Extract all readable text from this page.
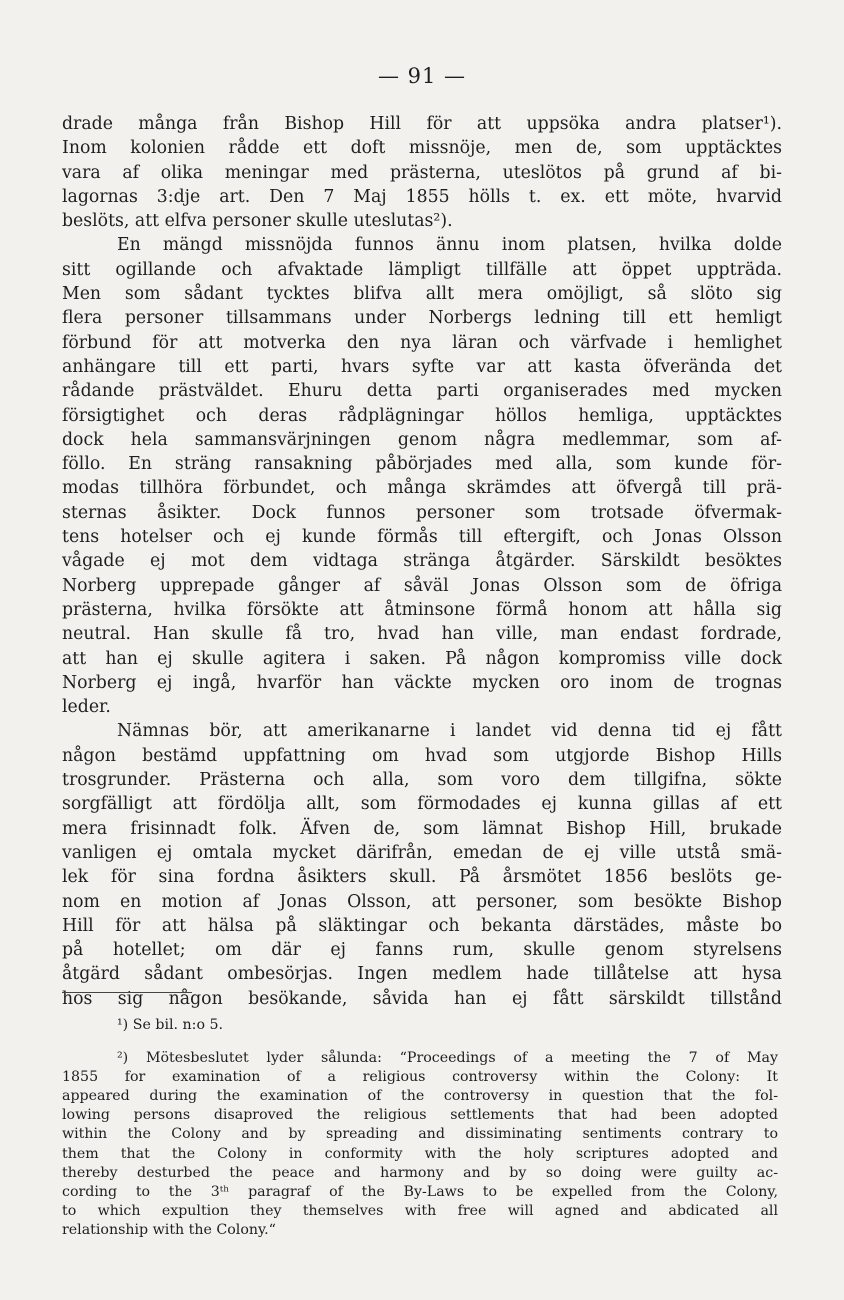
— 91 —
drade många från Bishop Hill för att uppsöka andra platser¹).
Inom kolonien rådde ett doft missnöje, men de, som upptäcktes
vara af olika meningar med prästerna, uteslötos på grund af bi-
lagornas 3:dje art. Den 7 Maj 1855 hölls t. ex. ett möte, hvarvid
beslöts, att elfva personer skulle uteslutas²).
En mängd missnöjda funnos ännu inom platsen, hvilka dolde
sitt ogillande och afvaktade lämpligt tillfälle att öppet uppträda.
Men som sådant tycktes blifva allt mera omöjligt, så slöto sig
flera personer tillsammans under Norbergs ledning till ett hemligt
förbund för att motverka den nya läran och värfvade i hemlighet
anhängare till ett parti, hvars syfte var att kasta öfverända det
rådande prästväldet. Ehuru detta parti organiserades med mycken
försigtighet och deras rådplägningar höllos hemliga, upptäcktes
dock hela sammansvärjningen genom några medlemmar, som af-
föllo. En sträng ransakning påbörjades med alla, som kunde för-
modas tillhöra förbundet, och många skrämdes att öfvergå till prä-
sternas åsikter. Dock funnos personer som trotsade öfvermak-
tens hotelser och ej kunde förmås till eftergift, och Jonas Olsson
vågade ej mot dem vidtaga stränga åtgärder. Särskildt besöktes
Norberg upprepade gånger af såväl Jonas Olsson som de öfriga
prästerna, hvilka försökte att åtminsone förmå honom att hålla sig
neutral. Han skulle få tro, hvad han ville, man endast fordrade,
att han ej skulle agitera i saken. På någon kompromiss ville dock
Norberg ej ingå, hvarför han väckte mycken oro inom de trognas
leder.
Nämnas bör, att amerikanarne i landet vid denna tid ej fått
någon bestämd uppfattning om hvad som utgjorde Bishop Hills
trosgrunder. Prästerna och alla, som voro dem tillgifna, sökte
sorgfälligt att fördölja allt, som förmodades ej kunna gillas af ett
mera frisinnadt folk. Äfven de, som lämnat Bishop Hill, brukade
vanligen ej omtala mycket därifrån, emedan de ej ville utstå smä-
lek för sina fordna åsikters skull. På årsmötet 1856 beslöts ge-
nom en motion af Jonas Olsson, att personer, som besökte Bishop
Hill för att hälsa på släktingar och bekanta därstädes, måste bo
på hotellet; om där ej fanns rum, skulle genom styrelsens
åtgärd sådant ombesörjas. Ingen medlem hade tillåtelse att hysa
hos sig någon besökande, såvida han ej fått särskildt tillstånd
¹) Se bil. n:o 5.
²) Mötesbeslutet lyder sålunda: “Proceedings of a meeting the 7 of May
1855 for examination of a religious controversy within the Colony: It
appeared during the examination of the controversy in question that the fol-
lowing persons disaproved the religious settlements that had been adopted
within the Colony and by spreading and dissiminating sentiments contrary to
them that the Colony in conformity with the holy scriptures adopted and
thereby desturbed the peace and harmony and by so doing were guilty ac-
cording to the 3ᵗʰ paragraf of the By-Laws to be expelled from the Colony,
to which expultion they themselves with free will agned and abdicated all
relationship with the Colony.“
